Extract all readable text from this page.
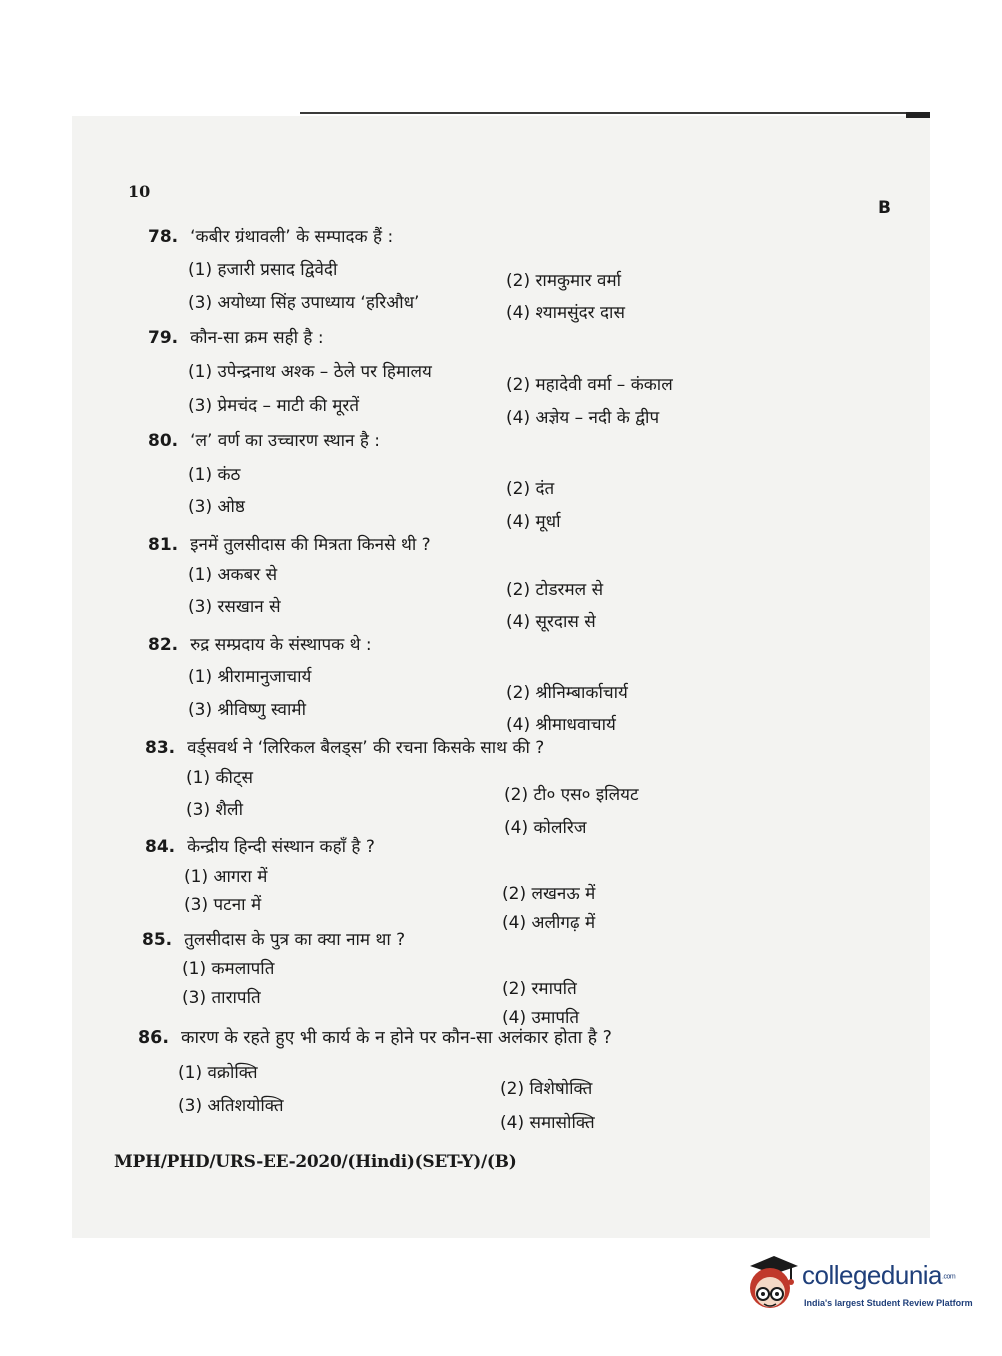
10
B
78. ‘कबीर ग्रंथावली’ के सम्पादक हैं :
(1) हजारी प्रसाद द्विवेदी
(2) रामकुमार वर्मा
(3) अयोध्या सिंह उपाध्याय ‘हरिऔध’	(4) श्यामसुंदर दास
79. कौन-सा क्रम सही है :
(1) उपेन्द्रनाथ अश्क – ठेले पर हिमालय
(2) महादेवी वर्मा – कंकाल
(3) प्रेमचंद – माटी की मूरतें
(4) अज्ञेय – नदी के द्वीप
80. ‘ल’ वर्ण का उच्चारण स्थान है :
(1) कंठ
(2) दंत
(3) ओष्ठ
(4) मूर्धा
81. इनमें तुलसीदास की मित्रता किनसे थी ?
(1) अकबर से
(2) टोडरमल से
(3) रसखान से
(4) सूरदास से
82. रुद्र सम्प्रदाय के संस्थापक थे :
(1) श्रीरामानुजाचार्य
(2) श्रीनिम्बार्काचार्य
(3) श्रीविष्णु स्वामी
(4) श्रीमाधवाचार्य
83. वर्ड्सवर्थ ने ‘लिरिकल बैलड्स’ की रचना किसके साथ की ?
(1) कीट्स
(2) टी० एस० इलियट
(3) शैली
(4) कोलरिज
84. केन्द्रीय हिन्दी संस्थान कहाँ है ?
(1) आगरा में
(2) लखनऊ में
(3) पटना में
(4) अलीगढ़ में
85. तुलसीदास के पुत्र का क्या नाम था ?
(1) कमलापति
(2) रमापति
(3) तारापति
(4) उमापति
86. कारण के रहते हुए भी कार्य के न होने पर कौन-सा अलंकार होता है ?
(1) वक्रोक्ति
(2) विशेषोक्ति
(3) अतिशयोक्ति
(4) समासोक्ति
MPH/PHD/URS-EE-2020/(Hindi)(SET-Y)/(B)
collegedunia.com
India's largest Student Review Platform
